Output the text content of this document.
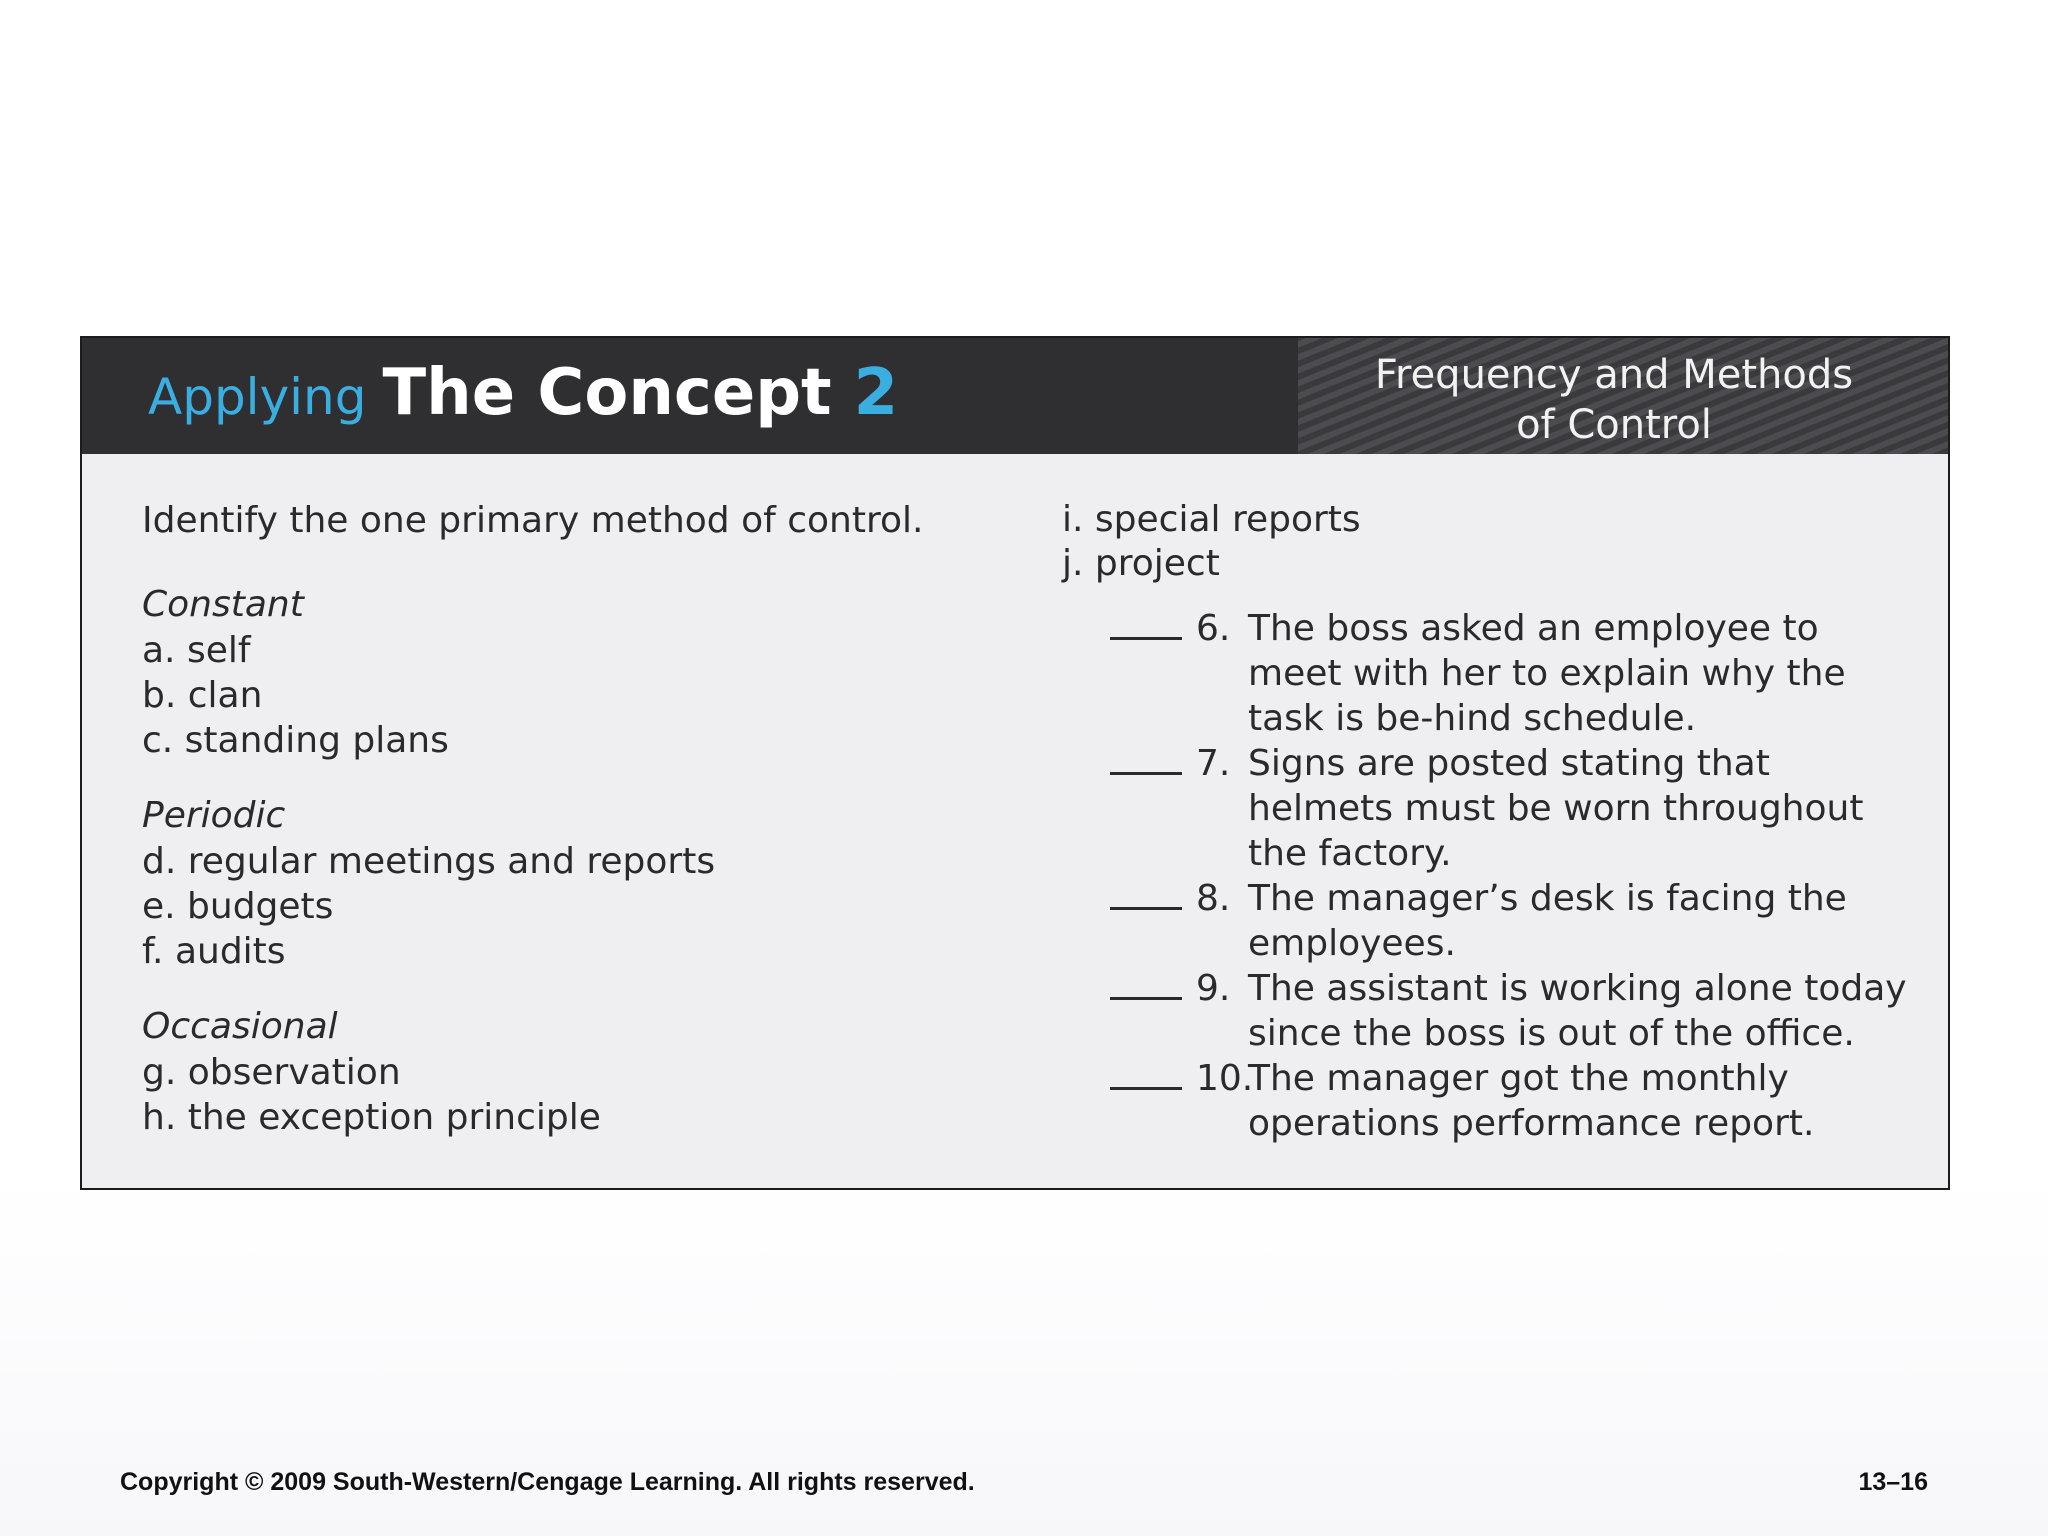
Applying The Concept 2	Frequency and Methods
of Control
Identify the one primary method of control.
Constant
a. self
b. clan
c. standing plans
Periodic
d. regular meetings and reports
e. budgets
f. audits
Occasional
g. observation
h. the exception principle
i. special reports
j. project
6. The boss asked an employee to meet with her to explain why the task is be-hind schedule.
7. Signs are posted stating that helmets must be worn throughout the factory.
8. The manager’s desk is facing the employees.
9. The assistant is working alone today since the boss is out of the office.
10.
The manager got the monthly operations performance report.
Copyright © 2009 South-Western/Cengage Learning. All rights reserved.	13–16
